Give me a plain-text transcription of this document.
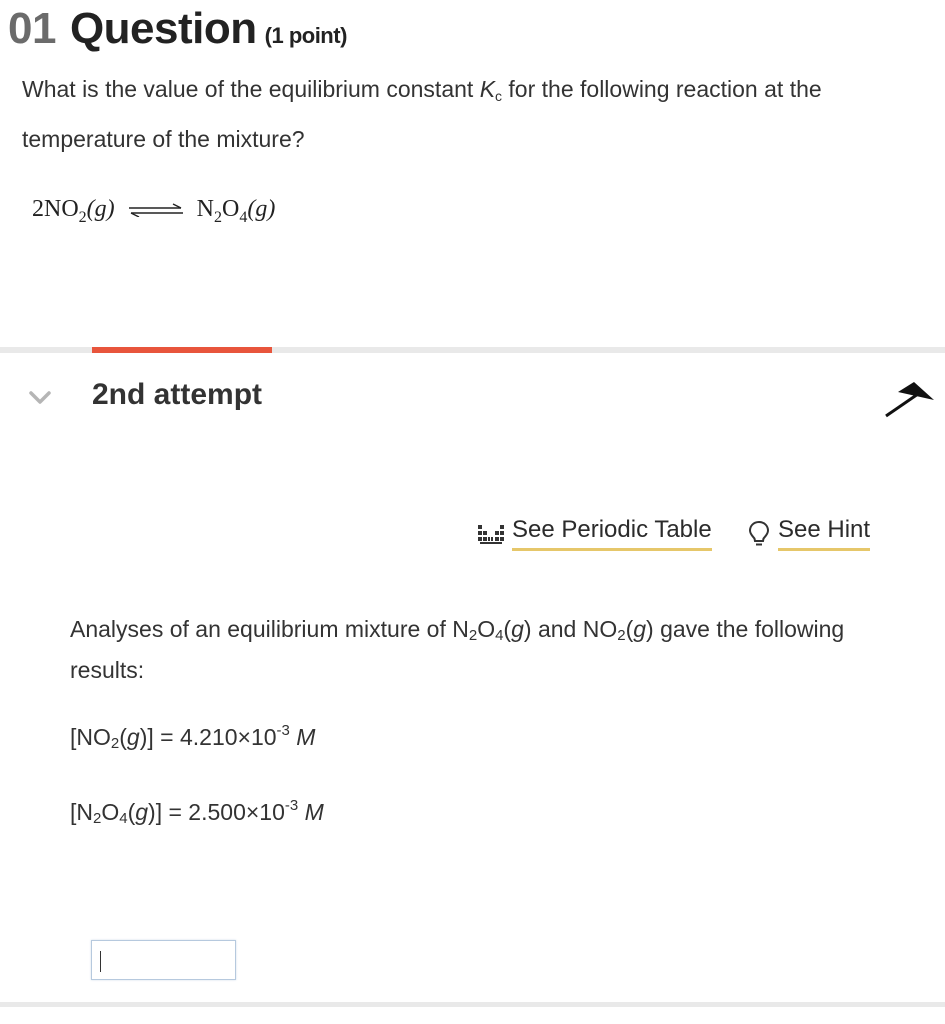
01 Question (1 point)
What is the value of the equilibrium constant $K_c$ for the following reaction at the temperature of the mixture?
$2NO_2(g)$ ⇌ $N_2O_4(g)$
2nd attempt
See Periodic Table	See Hint
Analyses of an equilibrium mixture of $N_2O_4(g)$ and $NO_2(g)$ gave the following results:
$[NO_2(g)] = 4.210\times 10^{-3}$ M
$[N_2O_4(g)] = 2.500\times 10^{-3}$ M
